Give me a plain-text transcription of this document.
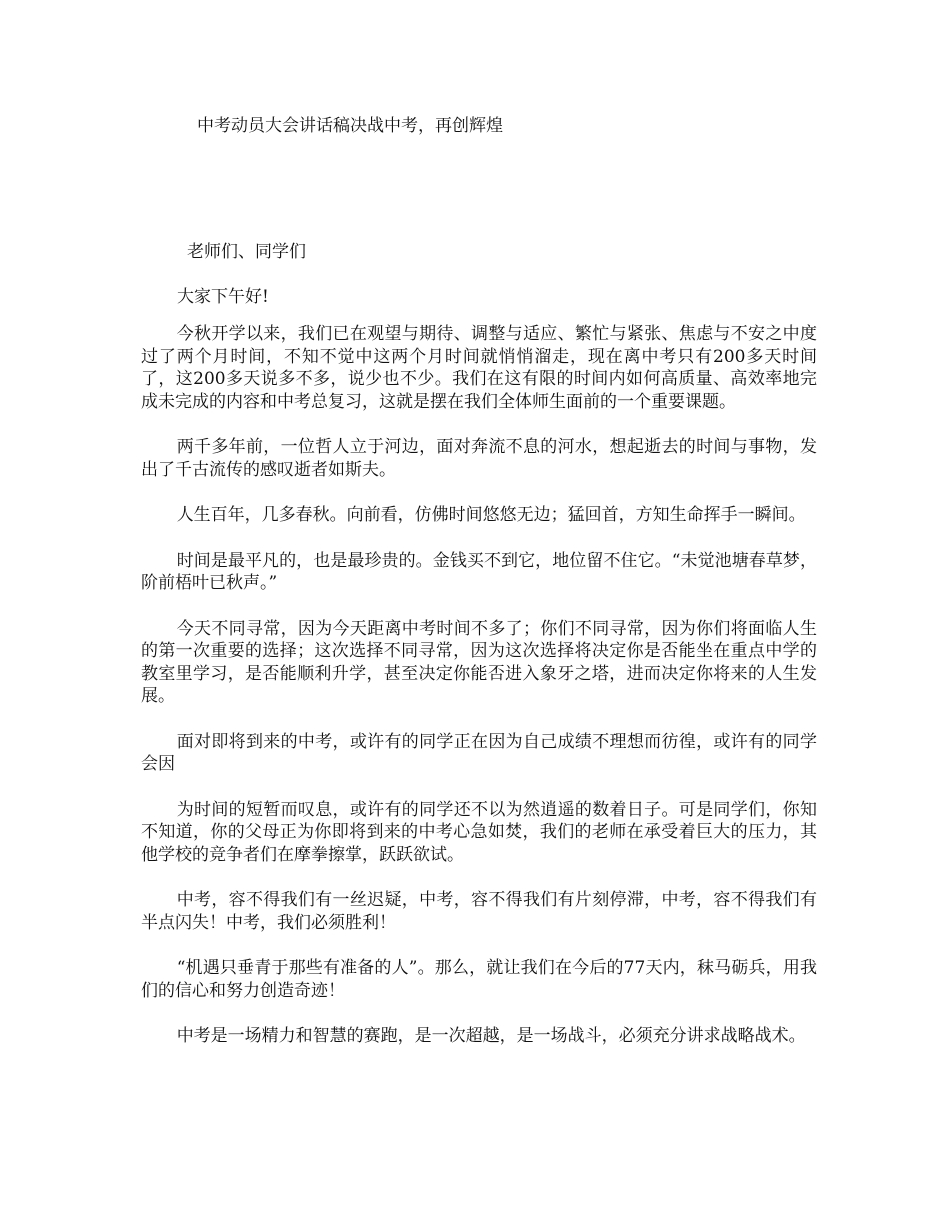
中考动员大会讲话稿决战中考，再创辉煌
老师们、同学们
大家下午好!

今秋开学以来，我们已在观望与期待、调整与适应、繁忙与紧张、焦虑与不安之中度过了两个月时间，不知不觉中这两个月时间就悄悄溜走，现在离中考只有200多天时间了，这200多天说多不多，说少也不少。我们在这有限的时间内如何高质量、高效率地完成未完成的内容和中考总复习，这就是摆在我们全体师生面前的一个重要课题。

两千多年前，一位哲人立于河边，面对奔流不息的河水，想起逝去的时间与事物，发出了千古流传的感叹逝者如斯夫。

人生百年，几多春秋。向前看，仿佛时间悠悠无边；猛回首，方知生命挥手一瞬间。

时间是最平凡的，也是最珍贵的。金钱买不到它，地位留不住它。“未觉池塘春草梦，阶前梧叶已秋声。”

今天不同寻常，因为今天距离中考时间不多了；你们不同寻常，因为你们将面临人生的第一次重要的选择；这次选择不同寻常，因为这次选择将决定你是否能坐在重点中学的教室里学习，是否能顺利升学，甚至决定你能否进入象牙之塔，进而决定你将来的人生发展。

面对即将到来的中考，或许有的同学正在因为自己成绩不理想而彷徨，或许有的同学会因

为时间的短暂而叹息，或许有的同学还不以为然逍遥的数着日子。可是同学们，你知不知道，你的父母正为你即将到来的中考心急如焚，我们的老师在承受着巨大的压力，其他学校的竞争者们在摩拳擦掌，跃跃欲试。

中考，容不得我们有一丝迟疑，中考，容不得我们有片刻停滞，中考，容不得我们有半点闪失！中考，我们必须胜利！

“机遇只垂青于那些有准备的人”。那么，就让我们在今后的77天内，秣马砺兵，用我们的信心和努力创造奇迹！

中考是一场精力和智慧的赛跑，是一次超越，是一场战斗，必须充分讲求战略战术。
